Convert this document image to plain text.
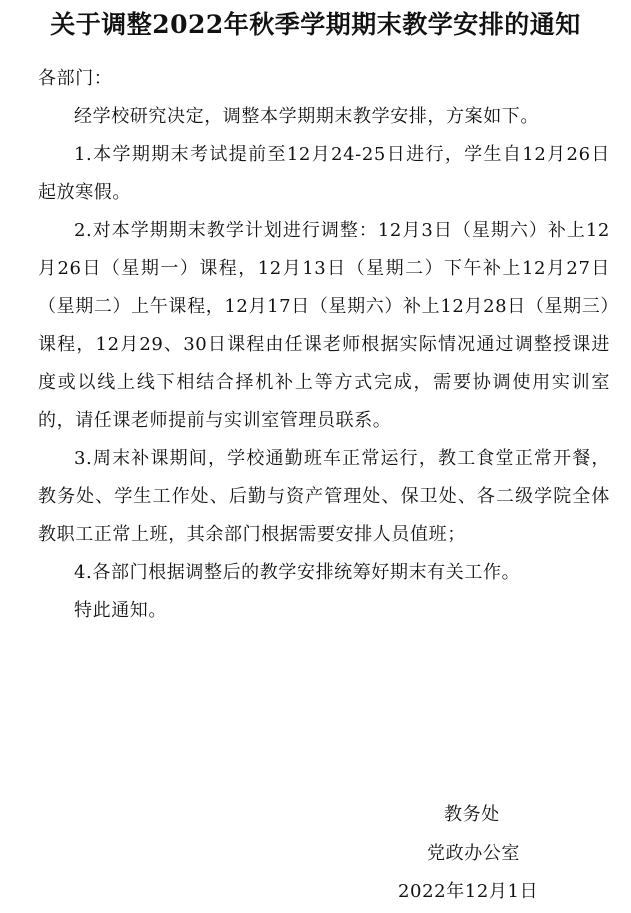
关于调整2022年秋季学期期末教学安排的通知

各部门：

经学校研究决定，调整本学期期末教学安排，方案如下。

1.本学期期末考试提前至12月24-25日进行，学生自12月26日起放寒假。

2.对本学期期末教学计划进行调整：12月3日（星期六）补上12月26日（星期一）课程，12月13日（星期二）下午补上12月27日（星期二）上午课程，12月17日（星期六）补上12月28日（星期三）课程，12月29、30日课程由任课老师根据实际情况通过调整授课进度或以线上线下相结合择机补上等方式完成，需要协调使用实训室的，请任课老师提前与实训室管理员联系。

3.周末补课期间，学校通勤班车正常运行，教工食堂正常开餐，教务处、学生工作处、后勤与资产管理处、保卫处、各二级学院全体教职工正常上班，其余部门根据需要安排人员值班；

4.各部门根据调整后的教学安排统筹好期末有关工作。

特此通知。

教务处
党政办公室
2022年12月1日
